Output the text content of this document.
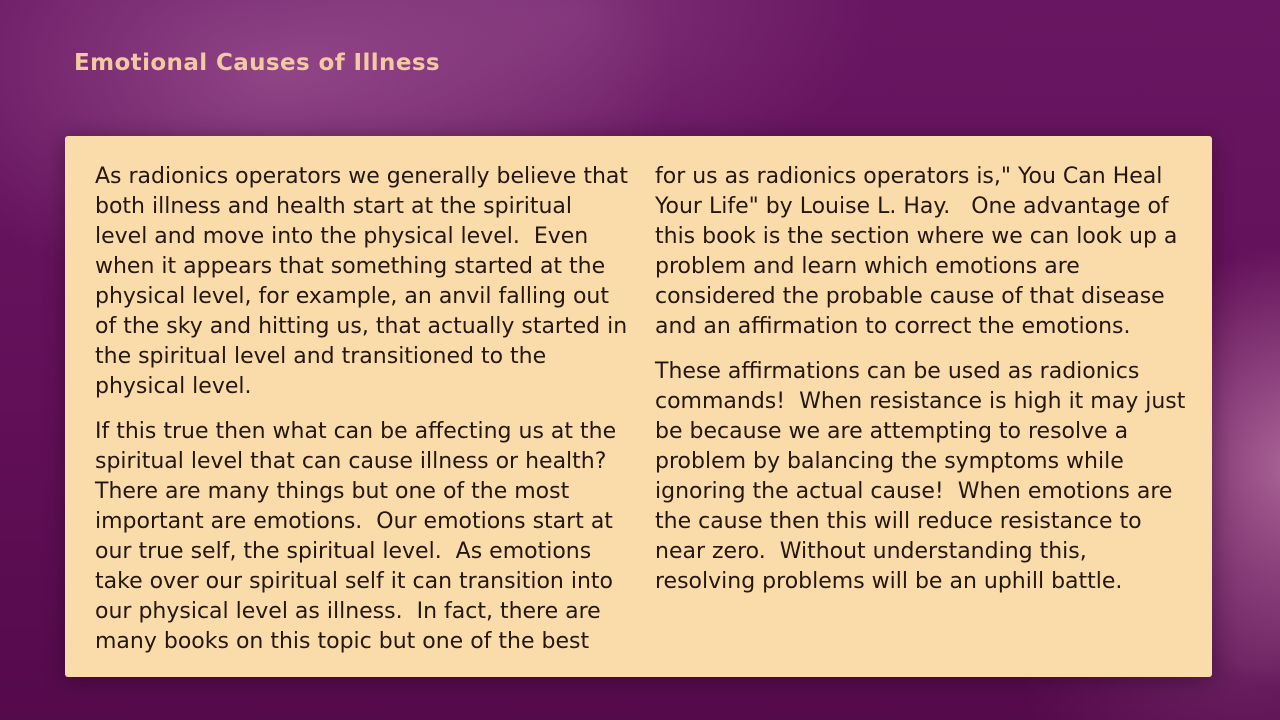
Emotional Causes of Illness

As radionics operators we generally believe that both illness and health start at the spiritual level and move into the physical level.  Even when it appears that something started at the physical level, for example, an anvil falling out of the sky and hitting us, that actually started in the spiritual level and transitioned to the physical level.

If this true then what can be affecting us at the spiritual level that can cause illness or health?  There are many things but one of the most important are emotions.  Our emotions start at our true self, the spiritual level.  As emotions take over our spiritual self it can transition into our physical level as illness.  In fact, there are many books on this topic but one of the best

for us as radionics operators is," You Can Heal Your Life" by Louise L. Hay.   One advantage of this book is the section where we can look up a problem and learn which emotions are considered the probable cause of that disease and an affirmation to correct the emotions.

These affirmations can be used as radionics commands!  When resistance is high it may just be because we are attempting to resolve a problem by balancing the symptoms while ignoring the actual cause!  When emotions are the cause then this will reduce resistance to near zero.  Without understanding this, resolving problems will be an uphill battle.
